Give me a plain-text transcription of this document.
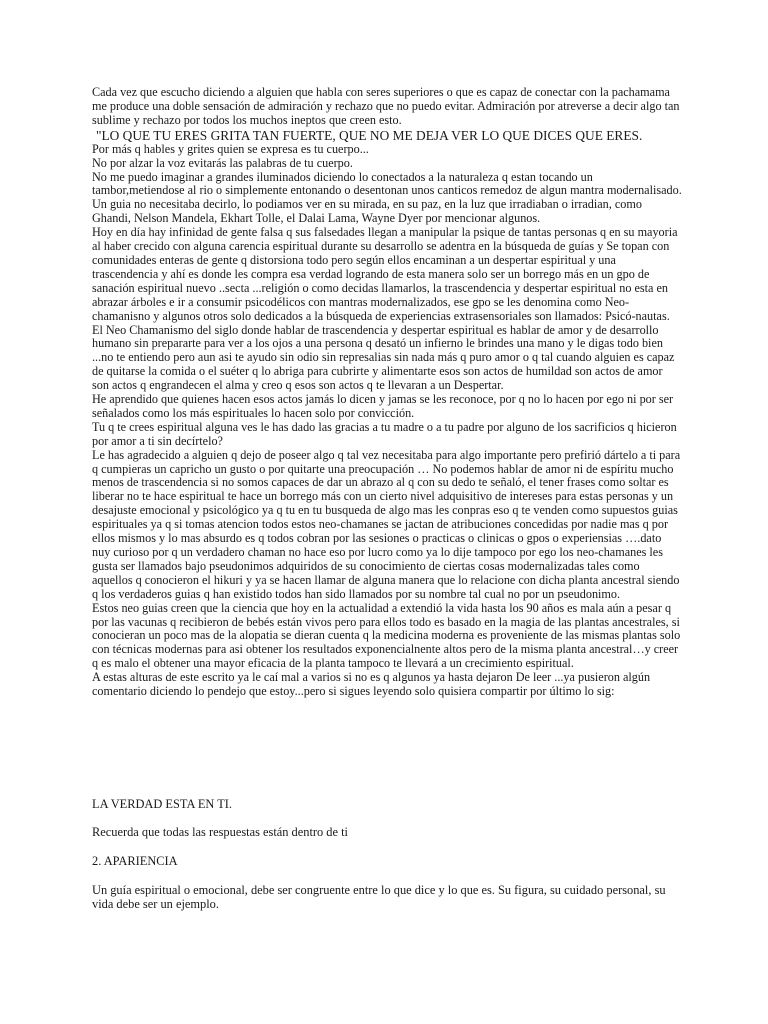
Cada vez que escucho diciendo a alguien que habla con seres superiores o que es capaz de conectar con la pachamama me produce una doble sensación de admiración y rechazo que no puedo evitar. Admiración por atreverse a decir algo tan sublime y rechazo por todos los muchos ineptos que creen esto.

"LO QUE TU ERES GRITA TAN FUERTE, QUE NO ME DEJA VER LO QUE DICES QUE ERES.

Por más q hables y grites quien se expresa es tu cuerpo...

No por alzar la voz evitarás las palabras de tu cuerpo.

No me puedo imaginar a grandes iluminados diciendo lo conectados a la naturaleza q estan tocando un tambor,metiendose al rio o simplemente entonando o desentonan unos canticos remedoz de algun mantra modernalisado.

Un guia no necesitaba decirlo, lo podiamos ver en su mirada, en su paz, en la luz que irradiaban o irradian, como Ghandi, Nelson Mandela, Ekhart Tolle, el Dalai Lama, Wayne Dyer por mencionar algunos.

Hoy en día hay infinidad de gente falsa q sus falsedades llegan a manipular la psique de tantas personas q en su mayoria al haber crecido con alguna carencia espiritual durante su desarrollo se adentra en la búsqueda de guías y Se topan con comunidades enteras de gente q distorsiona todo pero según ellos encaminan a un despertar espiritual y una trascendencia y ahí es donde les compra esa verdad logrando de esta manera solo ser un borrego más en un gpo de sanación espiritual nuevo ..secta ...religión o como decidas llamarlos, la trascendencia y despertar espiritual no esta en abrazar árboles e ir a consumir psicodélicos con mantras modernalizados, ese gpo se les denomina como Neo-chamanisno y algunos otros solo dedicados a la búsqueda de experiencias extrasensoriales son llamados: Psicó-nautas.

El Neo Chamanismo del siglo donde hablar de trascendencia y despertar espiritual es hablar de amor y de desarrollo humano sin prepararte para ver a los ojos a una persona q desató un infierno le brindes una mano y le digas todo bien ...no te entiendo pero aun asi te ayudo sin odio sin represalias sin nada más q puro amor o q tal cuando alguien es capaz de quitarse la comida o el suéter q lo abriga para cubrirte y alimentarte esos son actos de humildad son actos de amor son actos q engrandecen el alma y creo q esos son actos q te llevaran a un Despertar.

He aprendido que quienes hacen esos actos jamás lo dicen y jamas se les reconoce, por q no lo hacen por ego ni por ser señalados como los más espirituales lo hacen solo por convicción.

Tu q te crees espiritual alguna ves le has dado las gracias a tu madre o a tu padre por alguno de los sacrificios q hicieron por amor a ti sin decírtelo?

Le has agradecido a alguien q dejo de poseer algo q tal vez necesitaba para algo importante pero prefirió dártelo a ti para q cumpieras un capricho un gusto o por quitarte una preocupación … No podemos hablar de amor ni de espíritu mucho menos de trascendencia si no somos capaces de dar un abrazo al q con su dedo te señaló, el tener frases como soltar es liberar no te hace espiritual te hace un borrego más con un cierto nivel adquisitivo de intereses para estas personas y un desajuste emocional y psicológico ya q tu en tu busqueda de algo mas les conpras eso q te venden como supuestos guias espirituales ya q si tomas atencion todos estos neo-chamanes se jactan de atribuciones concedidas por nadie mas q por ellos mismos y lo mas absurdo es q todos cobran por las sesiones o practicas o clinicas o gpos o experiensias ….dato nuy curioso por q un verdadero chaman no hace eso por lucro como ya lo dije tampoco por ego los neo-chamanes les gusta ser llamados bajo pseudonimos adquiridos de su conocimiento de ciertas cosas modernalizadas tales como aquellos q conocieron el hikuri y ya se hacen llamar de alguna manera que lo relacione con dicha planta ancestral siendo q los verdaderos guias q han existido todos han sido llamados por su nombre tal cual no por un pseudonimo.

Estos neo guias creen que la ciencia que hoy en la actualidad a extendió la vida hasta los 90 años es mala aún a pesar q por las vacunas q recibieron de bebés están vivos pero para ellos todo es basado en la magia de las plantas ancestrales, si conocieran un poco mas de la alopatia se dieran cuenta q la medicina moderna es proveniente de las mismas plantas solo con técnicas modernas para asi obtener los resultados exponencialnente altos pero de la misma planta ancestral…y creer q es malo el obtener una mayor eficacia de la planta tampoco te llevará a un crecimiento espiritual.

A estas alturas de este escrito ya le caí mal a varios si no es q algunos ya hasta dejaron De leer ...ya pusieron algún comentario diciendo lo pendejo que estoy...pero si sigues leyendo solo quisiera compartir por último lo sig:

LA VERDAD ESTA EN TI.

Recuerda que todas las respuestas están dentro de ti

2. APARIENCIA

Un guía espiritual o emocional, debe ser congruente entre lo que dice y lo que es. Su figura, su cuidado personal, su vida debe ser un ejemplo.
